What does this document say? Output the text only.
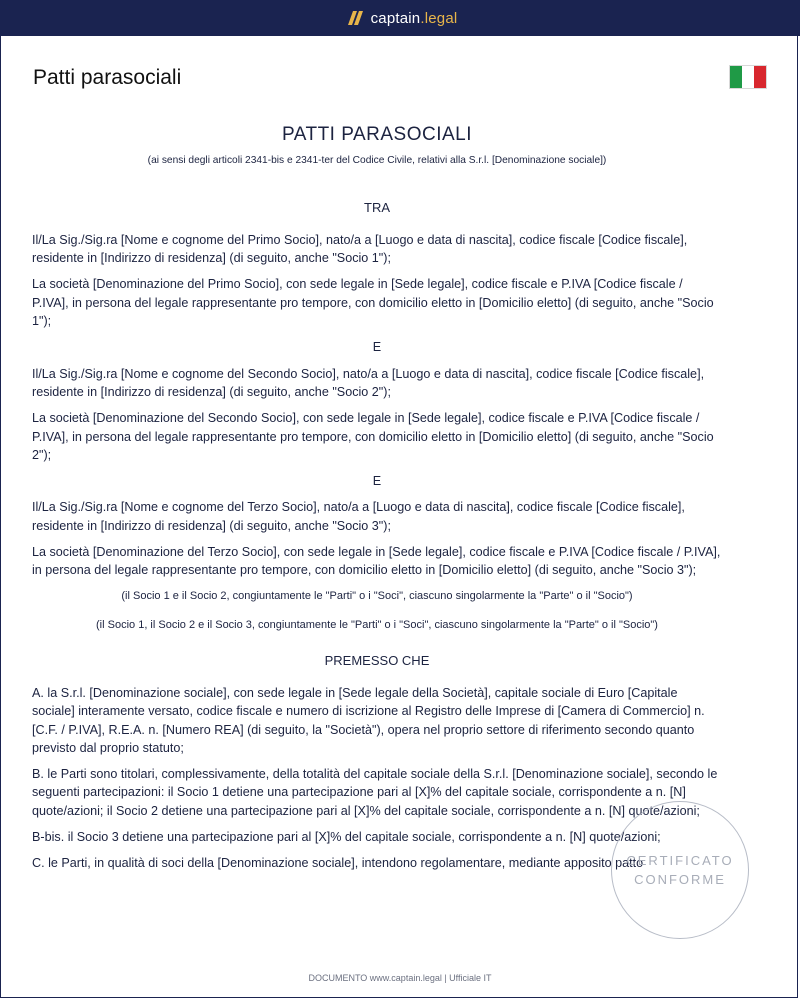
captain.legal
Patti parasociali
PATTI PARASOCIALI
(ai sensi degli articoli 2341-bis e 2341-ter del Codice Civile, relativi alla S.r.l. [Denominazione sociale])
TRA

Il/La Sig./Sig.ra [Nome e cognome del Primo Socio], nato/a a [Luogo e data di nascita], codice fiscale [Codice fiscale], residente in [Indirizzo di residenza] (di seguito, anche "Socio 1");

La società [Denominazione del Primo Socio], con sede legale in [Sede legale], codice fiscale e P.IVA [Codice fiscale / P.IVA], in persona del legale rappresentante pro tempore, con domicilio eletto in [Domicilio eletto] (di seguito, anche "Socio 1");

E

Il/La Sig./Sig.ra [Nome e cognome del Secondo Socio], nato/a a [Luogo e data di nascita], codice fiscale [Codice fiscale], residente in [Indirizzo di residenza] (di seguito, anche "Socio 2");

La società [Denominazione del Secondo Socio], con sede legale in [Sede legale], codice fiscale e P.IVA [Codice fiscale / P.IVA], in persona del legale rappresentante pro tempore, con domicilio eletto in [Domicilio eletto] (di seguito, anche "Socio 2");

E

Il/La Sig./Sig.ra [Nome e cognome del Terzo Socio], nato/a a [Luogo e data di nascita], codice fiscale [Codice fiscale], residente in [Indirizzo di residenza] (di seguito, anche "Socio 3");

La società [Denominazione del Terzo Socio], con sede legale in [Sede legale], codice fiscale e P.IVA [Codice fiscale / P.IVA], in persona del legale rappresentante pro tempore, con domicilio eletto in [Domicilio eletto] (di seguito, anche "Socio 3");

(il Socio 1 e il Socio 2, congiuntamente le "Parti" o i "Soci", ciascuno singolarmente la "Parte" o il "Socio")
(il Socio 1, il Socio 2 e il Socio 3, congiuntamente le "Parti" o i "Soci", ciascuno singolarmente la "Parte" o il "Socio")
PREMESSO CHE

A. la S.r.l. [Denominazione sociale], con sede legale in [Sede legale della Società], capitale sociale di Euro [Capitale sociale] interamente versato, codice fiscale e numero di iscrizione al Registro delle Imprese di [Camera di Commercio] n. [C.F. / P.IVA], R.E.A. n. [Numero REA] (di seguito, la "Società"), opera nel proprio settore di riferimento secondo quanto previsto dal proprio statuto;

B. le Parti sono titolari, complessivamente, della totalità del capitale sociale della S.r.l. [Denominazione sociale], secondo le seguenti partecipazioni: il Socio 1 detiene una partecipazione pari al [X]% del capitale sociale, corrispondente a n. [N] quote/azioni; il Socio 2 detiene una partecipazione pari al [X]% del capitale sociale, corrispondente a n. [N] quote/azioni;

B-bis. il Socio 3 detiene una partecipazione pari al [X]% del capitale sociale, corrispondente a n. [N] quote/azioni;

C. le Parti, in qualità di soci della [Denominazione sociale], intendono regolamentare, mediante apposito patto

CERTIFICATO
CONFORME
DOCUMENTO www.captain.legal | Ufficiale IT
